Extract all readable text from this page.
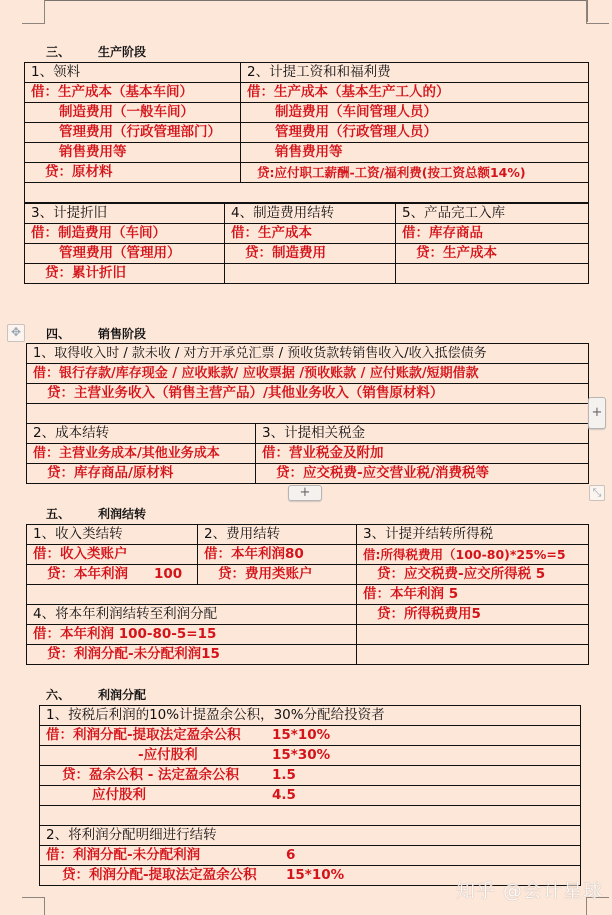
三、 生产阶段
1、领料	2、计提工资和和福利费
借：生产成本（基本车间）	借：生产成本（基本生产工人的）
制造费用（一般车间）	制造费用（车间管理人员）
管理费用（行政管理部门）	管理费用（行政管理人员）
销售费用等	销售费用等
贷：原材料	贷:应付职工薪酬-工资/福利费(按工资总额14%)

3、计提折旧	4、制造费用结转	5、产品完工入库
借：制造费用（车间）	借：生产成本	借：库存商品
管理费用（管理用）	贷：制造费用	贷：生产成本
贷：累计折旧		
✥	四、 销售阶段
1、取得收入时 / 款未收 / 对方开承兑汇票 / 预收货款转销售收入/收入抵偿债务	
借：银行存款/库存现金 / 应收账款/ 应收票据 /预收账款 / 应付账款/短期借款	
贷：主营业务收入（销售主营产品）/其他业务收入（销售原材料）	

2、成本结转	3、计提相关税金
借：主营业务成本/其他业务成本	借：营业税金及附加
贷：库存商品/原材料	贷：应交税费-应交营业税/消费税等
+
+	⤡
五、 利润结转
1、收入类结转	2、费用结转	3、计提并结转所得税
借：收入类账户	借：本年利润80	借:所得税费用（100-80)*25%=5
贷：本年利润 100	贷：费用类账户	贷：应交税费-应交所得税 5
		借：本年利润 5
4、将本年利润结转至利润分配		贷：所得税费用5
借：本年利润 100-80-5=15		
贷：利润分配-未分配利润15		
六、 利润分配
1、按税后利润的10%计提盈余公积，30%分配给投资者
借：利润分配-提取法定盈余公积 15*10%
-应付股利	15*30%
贷：盈余公积 - 法定盈余公积 1.5
应付股利	4.5

2、将利润分配明细进行结转
借：利润分配-未分配利润	6
贷：利润分配-提取法定盈余公积 15*10%
知乎 @会计星球
